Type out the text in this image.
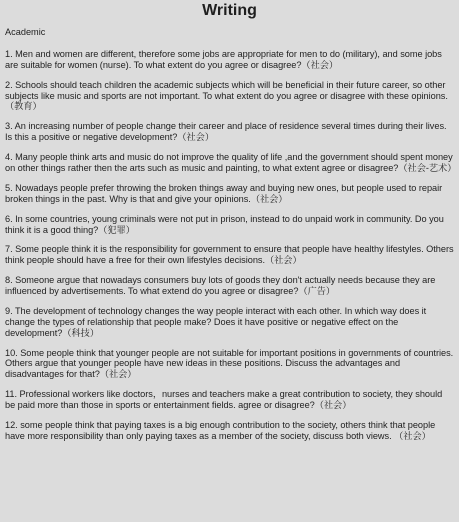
Writing
Academic
1. Men and women are different, therefore some jobs are appropriate for men to do (military), and some jobs are suitable for women (nurse). To what extent do you agree or disagree?（社会）
2. Schools should teach children the academic subjects which will be beneficial in their future career, so other subjects like music and sports are not important. To what extent do you agree or disagree with these opinions.（教育）
3. An increasing number of people change their career and place of residence several times during their lives. Is this a positive or negative development?（社会）
4. Many people think arts and music do not improve the quality of life ,and the government should spent money on other things rather then the arts such as music and painting, to what extent agree or disagree?（社会-艺术）
5. Nowadays people prefer throwing the broken things away and buying new ones, but people used to repair broken things in the past. Why is that and give your opinions.（社会）
6. In some countries, young criminals were not put in prison, instead to do unpaid work in community. Do you think it is a good thing?（犯罪）
7. Some people think it is the responsibility for government to ensure that people have healthy lifestyles. Others think people should have a free for their own lifestyles decisions.（社会）
8. Someone argue that nowadays consumers buy lots of goods they don't actually needs because they are influenced by advertisements. To what extend do you agree or disagree?（广告）
9. The development of technology changes the way people interact with each other. In which way does it change the types of relationship that people make? Does it have positive or negative effect on the development?（科技）
10. Some people think that younger people are not suitable for important positions in governments of countries. Others argue that younger people have new ideas in these positions. Discuss the advantages and disadvantages for that?（社会）
11. Professional workers like doctors，nurses and teachers make a great contribution to society, they should be paid more than those in sports or entertainment fields. agree or disagree?（社会）
12. some people think that paying taxes is a big enough contribution to the society, others think that people have more responsibility than only paying taxes as a member of the society, discuss both views. （社会）
